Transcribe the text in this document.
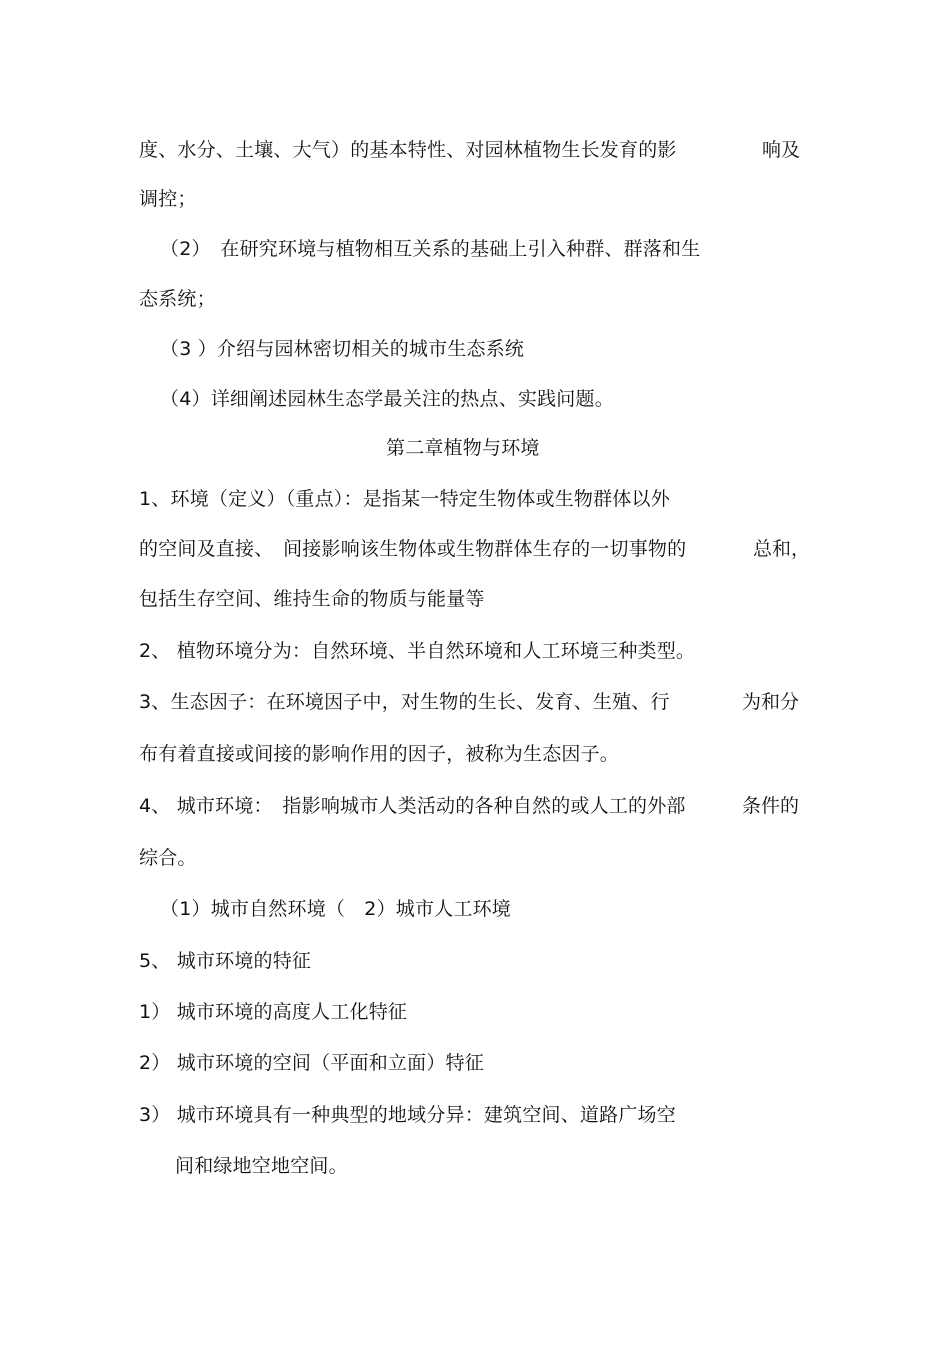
度、水分、土壤、大气）的基本特性、对园林植物生长发育的影	响及
调控；
（2）　在研究环境与植物相互关系的基础上引入种群、群落和生
态系统；
（3 ）介绍与园林密切相关的城市生态系统
（4）详细阐述园林生态学最关注的热点、实践问题。
第二章植物与环境
1、环境（定义）（重点）：是指某一特定生物体或生物群体以外
的空间及直接、　间接影响该生物体或生物群体生存的一切事物的	总和，
包括生存空间、维持生命的物质与能量等
2、 植物环境分为：自然环境、半自然环境和人工环境三种类型。
3、生态因子：在环境因子中，对生物的生长、发育、生殖、行	为和分
布有着直接或间接的影响作用的因子，被称为生态因子。
4、 城市环境：　指影响城市人类活动的各种自然的或人工的外部	条件的
综合。
（1）城市自然环境（　2）城市人工环境
5、 城市环境的特征
1） 城市环境的高度人工化特征
2） 城市环境的空间（平面和立面）特征
3） 城市环境具有一种典型的地域分异：建筑空间、道路广场空
间和绿地空地空间。
